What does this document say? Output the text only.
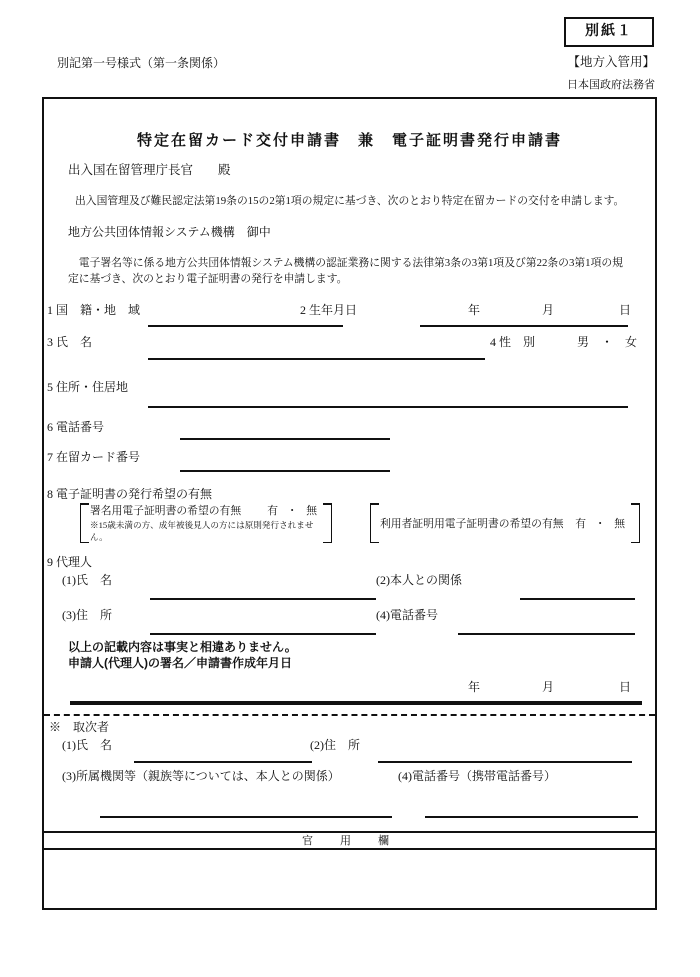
別紙１
別記第一号様式（第一条関係）	【地方入管用】
日本国政府法務省
特定在留カード交付申請書　兼　電子証明書発行申請書
出入国在留管理庁長官　　殿
出入国管理及び難民認定法第19条の15の2第1項の規定に基づき、次のとおり特定在留カードの交付を申請します。
地方公共団体情報システム機構　御中
電子署名等に係る地方公共団体情報システム機構の認証業務に関する法律第3条の3第1項及び第22条の3第1項の規定に基づき、次のとおり電子証明書の発行を申請します。
1 国　籍・地　域	2 生年月日	年	月	日
3 氏　名	4 性　別	男　・　女
5 住所・住居地
6 電話番号
7 在留カード番号
8 電子証明書の発行希望の有無
署名用電子証明書の希望の有無 有 ・ 無
※15歳未満の方、成年被後見人の方には原則発行されません。
利用者証明用電子証明書の希望の有無 有 ・ 無
9 代理人
(1)氏　名	(2)本人との関係
(3)住　所	(4)電話番号
以上の記載内容は事実と相違ありません。
申請人(代理人)の署名／申請書作成年月日
年	月	日
※　取次者
(1)氏　名	(2)住　所
(3)所属機関等（親族等については、本人との関係）	(4)電話番号（携帯電話番号）
官　用　欄
